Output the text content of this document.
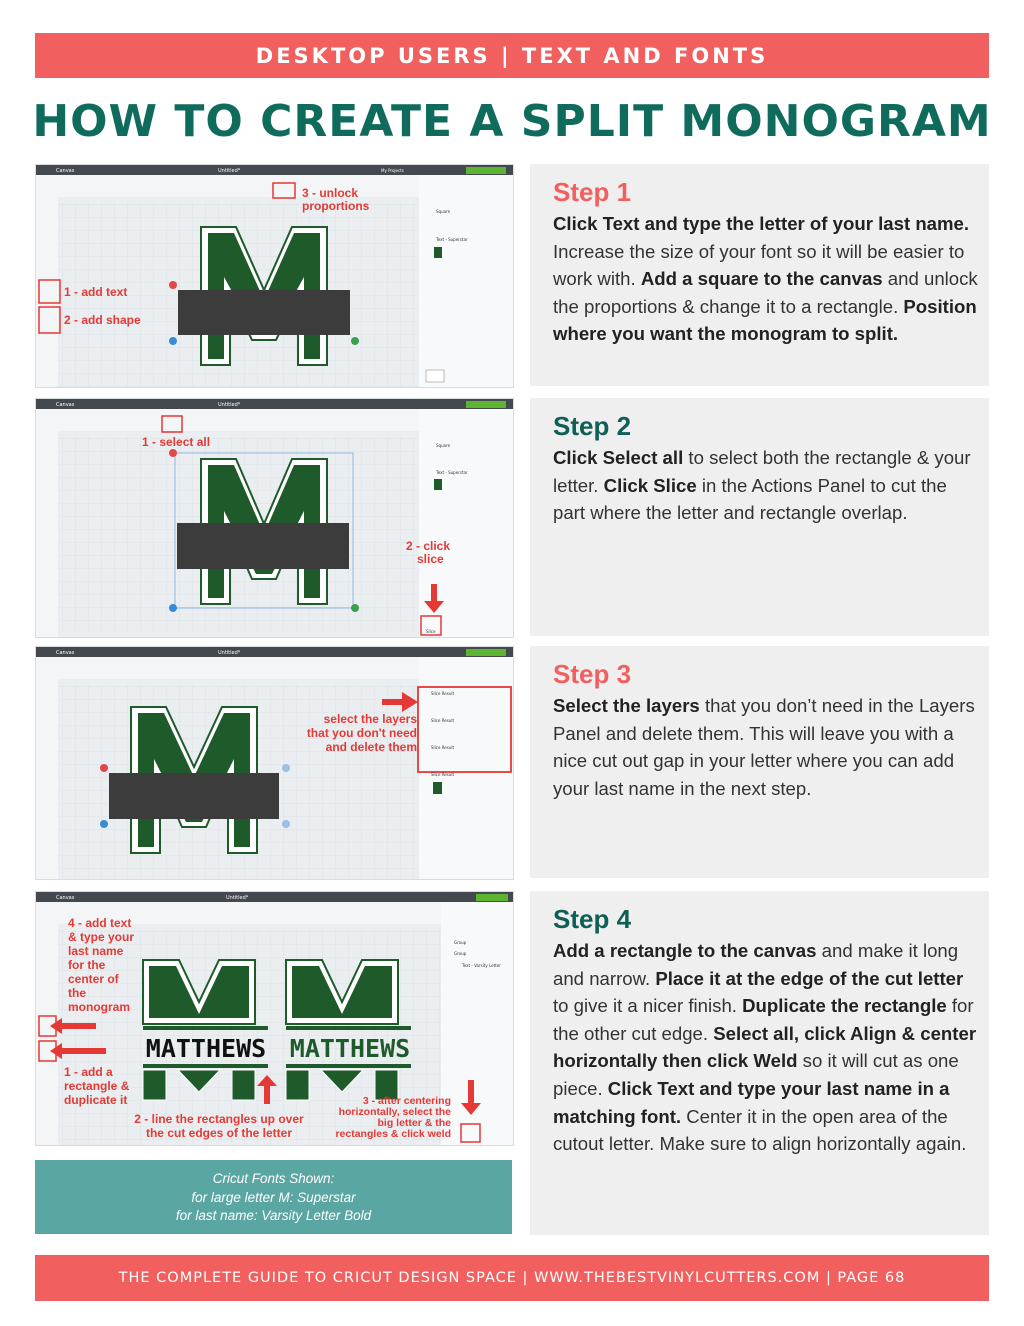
DESKTOP USERS | TEXT AND FONTS
HOW TO CREATE A SPLIT MONOGRAM
Canvas	Untitled*	My Projects
Square
Text - Superstar
3 - unlock proportions
1 - add text
2 - add shape
Step 1

Click Text and type the letter of your last name. Increase the size of your font so it will be easier to work with. Add a square to the canvas and unlock the proportions & change it to a rectangle. Position where you want the monogram to split.

Canvas	Untitled*
Square
Text - Superstar
1 - select all
2 - click slice
Slice
Step 2

Click Select all to select both the rectangle & your letter. Click Slice in the Actions Panel to cut the part where the letter and rectangle overlap.

Canvas	Untitled*
Slice Result
Slice Result
Slice Result
Slice Result
select the layers that you don't need and delete them
Step 3

Select the layers that you don’t need in the Layers Panel and delete them. This will leave you with a nice cut out gap in your letter where you can add your last name in the next step.

Canvas	Untitled*
Group
Group
Text - Varsity Letter
MATTHEWS MATTHEWS
4 - add text & type your last name for the center of the monogram
1 - add a rectangle & duplicate it
2 - line the rectangles up over the cut edges of the letter
3 - after centering horizontally, select the big letter & the rectangles & click weld
Step 4

Add a rectangle to the canvas and make it long and narrow. Place it at the edge of the cut letter to give it a nicer finish. Duplicate the rectangle for the other cut edge. Select all, click Align & center horizontally then click Weld so it will cut as one piece. Click Text and type your last name in a matching font. Center it in the open area of the cutout letter. Make sure to align horizontally again.

Cricut Fonts Shown:
for large letter M: Superstar
for last name: Varsity Letter Bold
THE COMPLETE GUIDE TO CRICUT DESIGN SPACE | WWW.THEBESTVINYLCUTTERS.COM | PAGE 68
